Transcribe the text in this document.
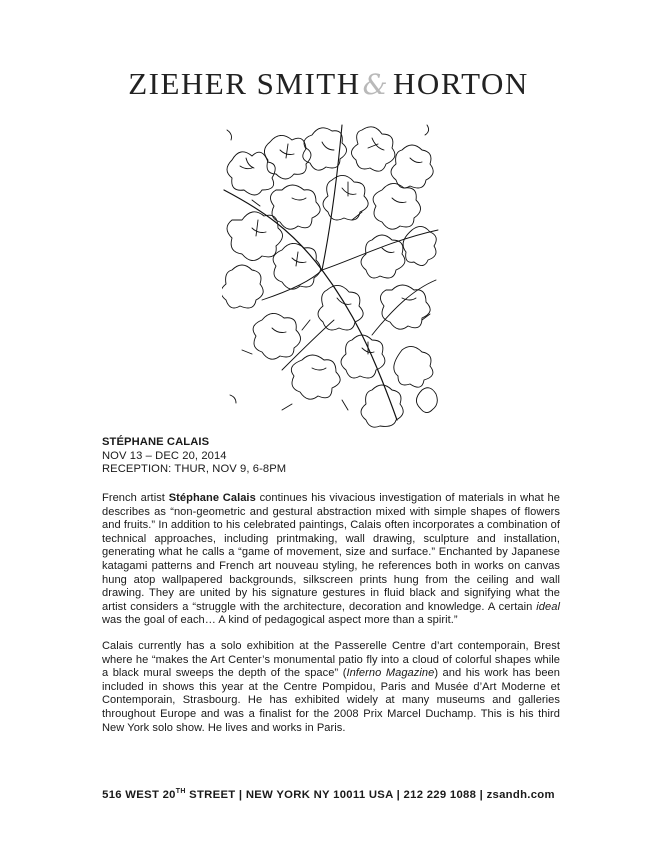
ZIEHER SMITH& HORTON
STÉPHANE CALAIS
NOV 13 – DEC 20, 2014
RECEPTION: THUR, NOV 9, 6-8PM
French artist Stéphane Calais continues his vivacious investigation of materials in what he describes as “non-geometric and gestural abstraction mixed with simple shapes of flowers and fruits.” In addition to his celebrated paintings, Calais often incorporates a combination of technical approaches, including printmaking, wall drawing, sculpture and installation, generating what he calls a “game of movement, size and surface.” Enchanted by Japanese katagami patterns and French art nouveau styling, he references both in works on canvas hung atop wallpapered backgrounds, silkscreen prints hung from the ceiling and wall drawing. They are united by his signature gestures in fluid black and signifying what the artist considers a “struggle with the architecture, decoration and knowledge. A certain ideal was the goal of each… A kind of pedagogical aspect more than a spirit.”
Calais currently has a solo exhibition at the Passerelle Centre d’art contemporain, Brest where he “makes the Art Center’s monumental patio fly into a cloud of colorful shapes while a black mural sweeps the depth of the space” (Inferno Magazine) and his work has been included in shows this year at the Centre Pompidou, Paris and Musée d’Art Moderne et Contemporain, Strasbourg. He has exhibited widely at many museums and galleries throughout Europe and was a finalist for the 2008 Prix Marcel Duchamp. This is his third New York solo show. He lives and works in Paris.
516 WEST 20TH STREET | NEW YORK NY 10011 USA | 212 229 1088 | zsandh.com
